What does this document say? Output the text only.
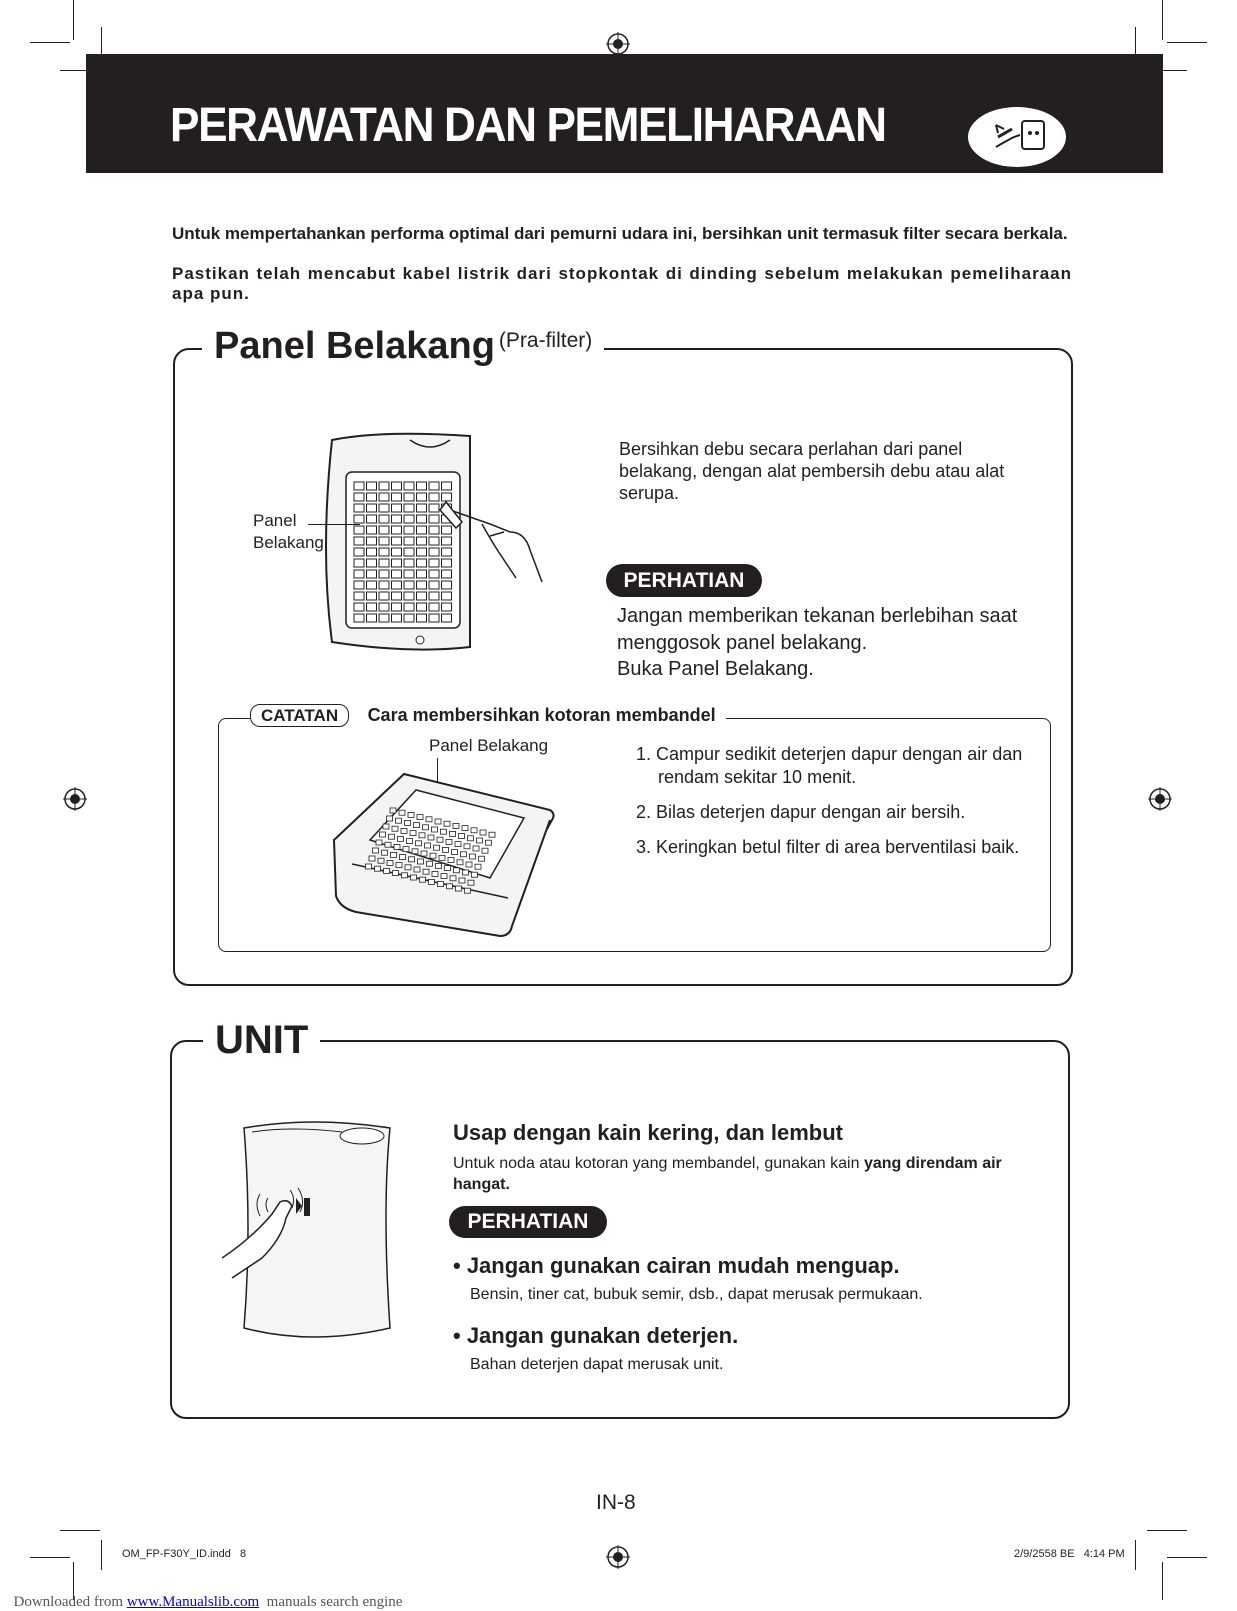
PERAWATAN DAN PEMELIHARAAN
Untuk mempertahankan performa optimal dari pemurni udara ini, bersihkan unit termasuk filter secara berkala.
Pastikan telah mencabut kabel listrik dari stopkontak di dinding sebelum melakukan pemeliharaan apa pun.
Panel Belakang (Pra-filter)
Panel
Belakang
Bersihkan debu secara perlahan dari panel belakang, dengan alat pembersih debu atau alat serupa.
PERHATIAN
Jangan memberikan tekanan berlebihan saat
menggosok panel belakang.
Buka Panel Belakang.
CATATAN Cara membersihkan kotoran membandel
Panel Belakang	1. Campur sedikit deterjen dapur dengan air dan rendam sekitar 10 menit.
2. Bilas deterjen dapur dengan air bersih.
3. Keringkan betul filter di area berventilasi baik.
UNIT
Usap dengan kain kering, dan lembut
Untuk noda atau kotoran yang membandel, gunakan kain yang direndam air hangat.
PERHATIAN
• Jangan gunakan cairan mudah menguap.
Bensin, tiner cat, bubuk semir, dsb., dapat merusak permukaan.
• Jangan gunakan deterjen.
Bahan deterjen dapat merusak unit.
IN-8
OM_FP-F30Y_ID.indd   8	2/9/2558 BE   4:14 PM

Downloaded from www.Manualslib.com  manuals search engine
